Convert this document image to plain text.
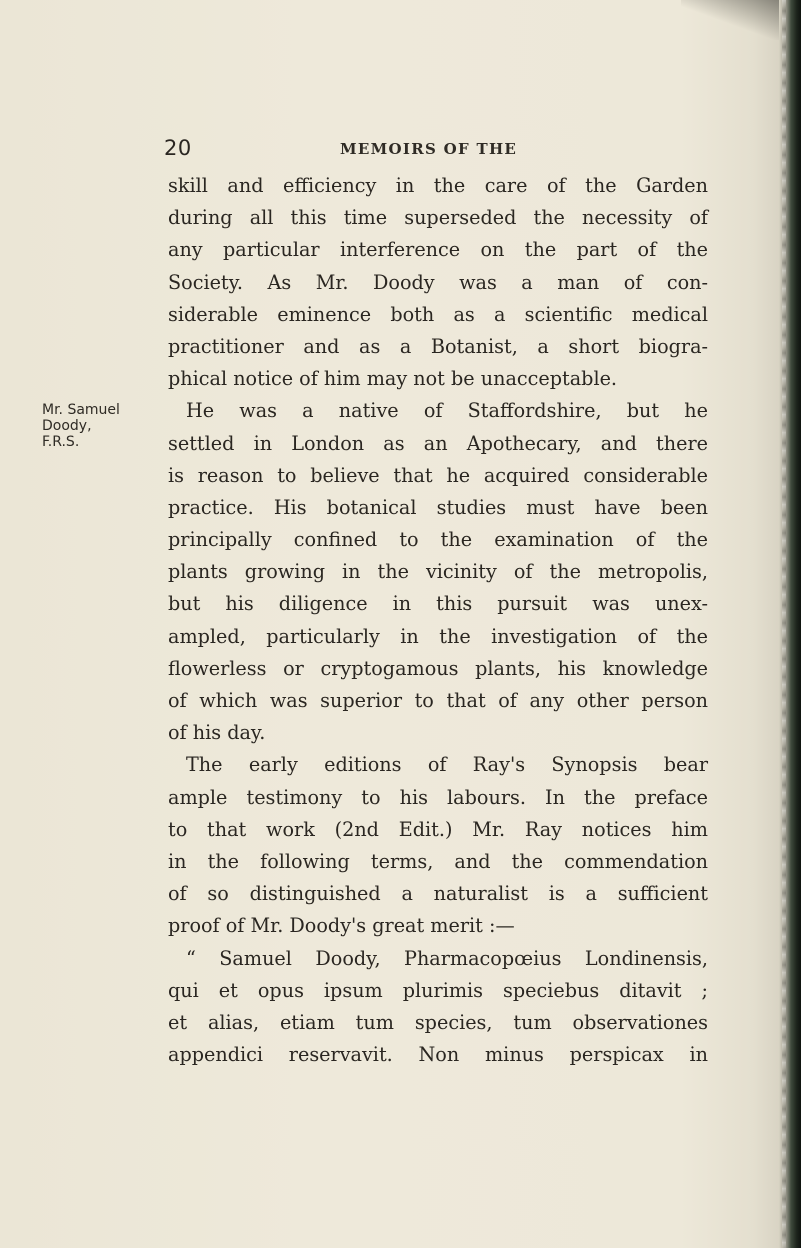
20	MEMOIRS OF THE
Mr. Samuel
Doody,
F.R.S.
skill and efficiency in the care of the Garden
during all this time superseded the necessity of
any particular interference on the part of the
Society. As Mr. Doody was a man of con-
siderable eminence both as a scientific medical
practitioner and as a Botanist, a short biogra-
phical notice of him may not be unacceptable.
He was a native of Staffordshire, but he
settled in London as an Apothecary, and there
is reason to believe that he acquired considerable
practice. His botanical studies must have been
principally confined to the examination of the
plants growing in the vicinity of the metropolis,
but his diligence in this pursuit was unex-
ampled, particularly in the investigation of the
flowerless or cryptogamous plants, his knowledge
of which was superior to that of any other person
of his day.
The early editions of Ray's Synopsis bear
ample testimony to his labours. In the preface
to that work (2nd Edit.) Mr. Ray notices him
in the following terms, and the commendation
of so distinguished a naturalist is a sufficient
proof of Mr. Doody's great merit :—
“ Samuel Doody, Pharmacopœius Londinensis,
qui et opus ipsum plurimis speciebus ditavit ;
et alias, etiam tum species, tum observationes
appendici reservavit. Non minus perspicax in
